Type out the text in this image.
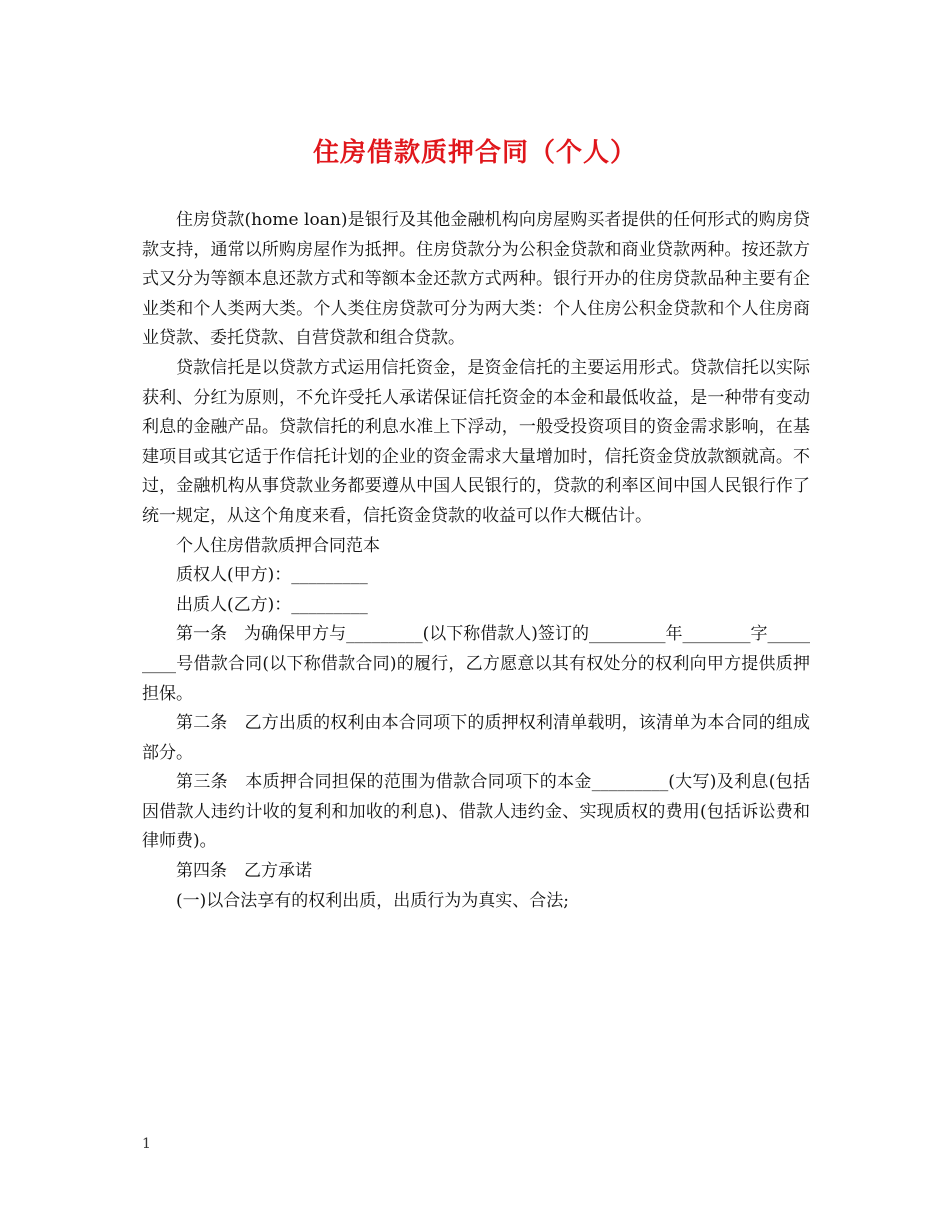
住房借款质押合同（个人）

住房贷款(home loan)是银行及其他金融机构向房屋购买者提供的任何形式的购房贷款支持，通常以所购房屋作为抵押。住房贷款分为公积金贷款和商业贷款两种。按还款方式又分为等额本息还款方式和等额本金还款方式两种。银行开办的住房贷款品种主要有企业类和个人类两大类。个人类住房贷款可分为两大类：个人住房公积金贷款和个人住房商业贷款、委托贷款、自营贷款和组合贷款。

贷款信托是以贷款方式运用信托资金，是资金信托的主要运用形式。贷款信托以实际获利、分红为原则，不允许受托人承诺保证信托资金的本金和最低收益，是一种带有变动利息的金融产品。贷款信托的利息水准上下浮动，一般受投资项目的资金需求影响，在基建项目或其它适于作信托计划的企业的资金需求大量增加时，信托资金贷放款额就高。不过，金融机构从事贷款业务都要遵从中国人民银行的，贷款的利率区间中国人民银行作了统一规定，从这个角度来看，信托资金贷款的收益可以作大概估计。

个人住房借款质押合同范本

质权人(甲方)：_________

出质人(乙方)：_________

第一条　为确保甲方与_________(以下称借款人)签订的_________年________字_________号借款合同(以下称借款合同)的履行，乙方愿意以其有权处分的权利向甲方提供质押担保。

第二条　乙方出质的权利由本合同项下的质押权利清单载明，该清单为本合同的组成部分。

第三条　本质押合同担保的范围为借款合同项下的本金_________(大写)及利息(包括因借款人违约计收的复利和加收的利息)、借款人违约金、实现质权的费用(包括诉讼费和律师费)。

第四条　乙方承诺

(一)以合法享有的权利出质，出质行为为真实、合法;

1
